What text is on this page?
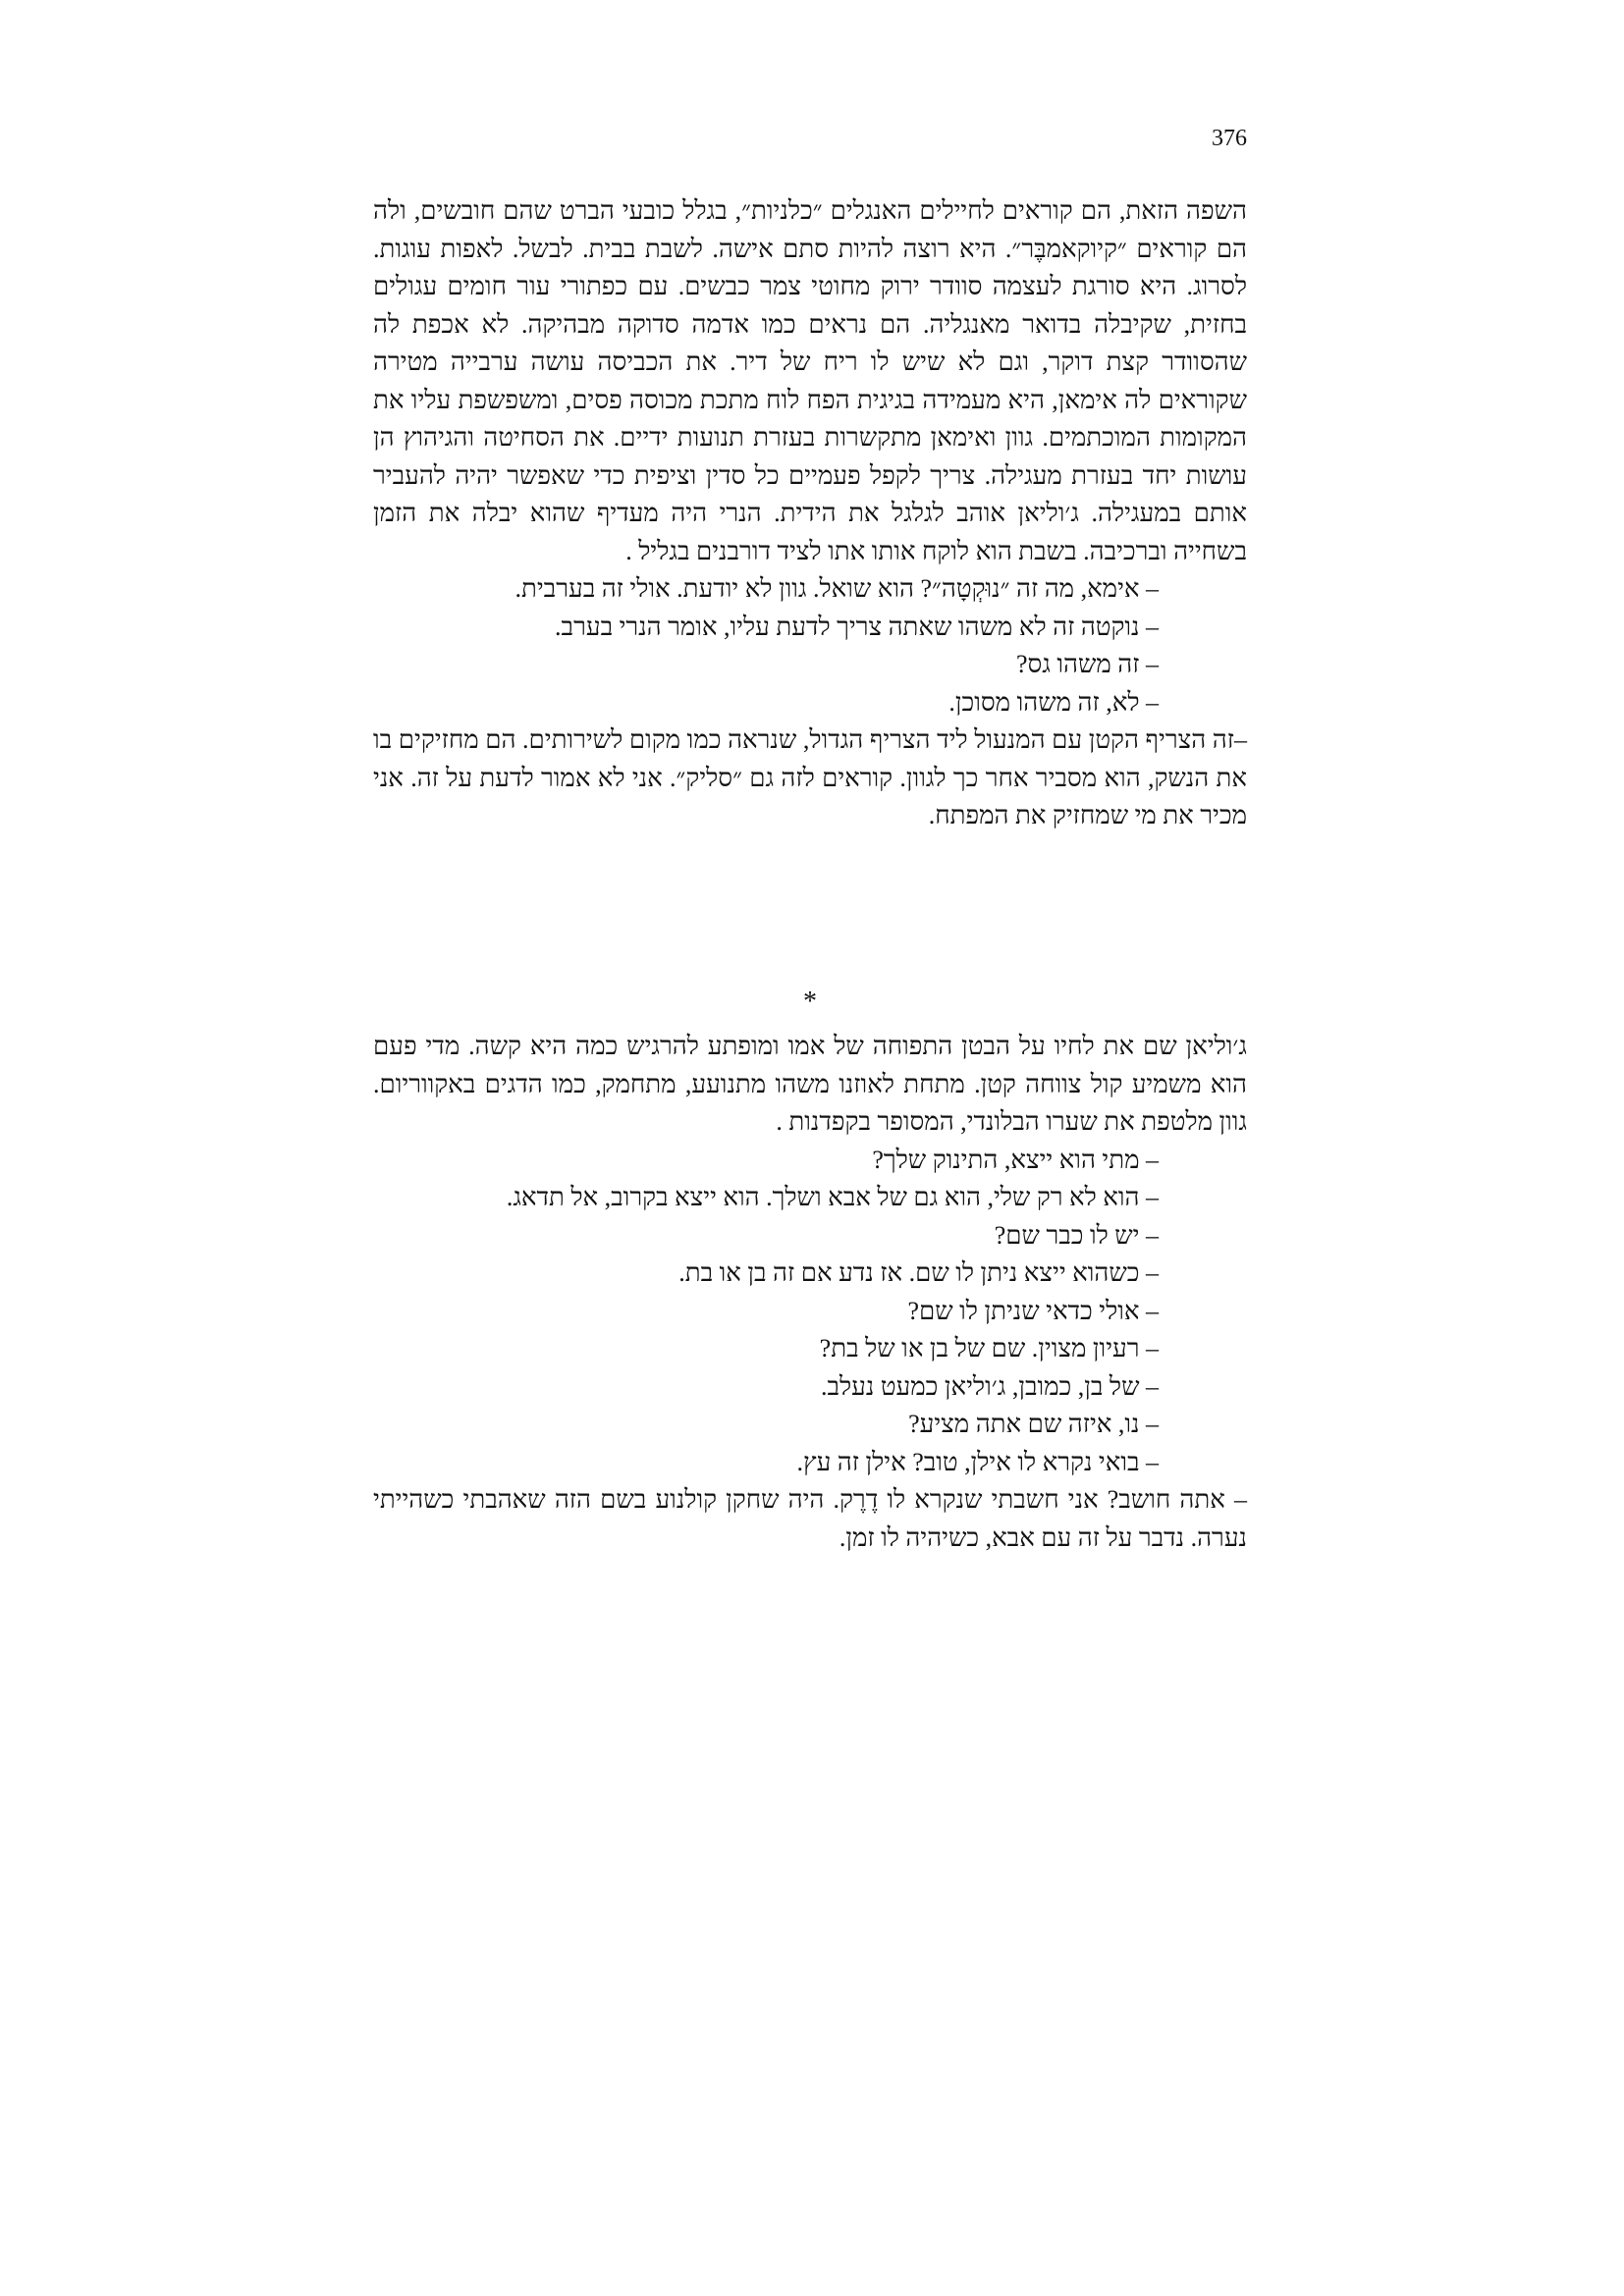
376

השפה הזאת, הם קוראים לחיילים האנגלים ״כלניות״, בגלל כובעי הברט שהם חובשים, ולה הם קוראים ״קיוקאמבֶּר״. היא רוצה להיות סתם אישה. לשבת בבית. לבשל. לאפות עוגות. לסרוג. היא סורגת לעצמה סוודר ירוק מחוטי צמר כבשים. עם כפתורי עור חומים עגולים בחזית, שקיבלה בדואר מאנגליה. הם נראים כמו אדמה סדוקה מבהיקה. לא אכפת לה שהסוודר קצת דוקר, וגם לא שיש לו ריח של דיר. את הכביסה עושה ערבייה מטירה שקוראים לה אימאן, היא מעמידה בגיגית הפח לוח מתכת מכוסה פסים, ומשפשפת עליו את המקומות המוכתמים. גוון ואימאן מתקשרות בעזרת תנועות ידיים. את הסחיטה והגיהוץ הן עושות יחד בעזרת מעגילה. צריך לקפל פעמיים כל סדין וציפית כדי שאפשר יהיה להעביר אותם במעגילה. ג׳וליאן אוהב לגלגל את הידית. הנרי היה מעדיף שהוא יבלה את הזמן בשחייה וברכיבה. בשבת הוא לוקח אותו אתו לציד דורבנים בגליל .

– אימא, מה זה ״נוּקְטָה״? הוא שואל. גוון לא יודעת. אולי זה בערבית.

– נוקטה זה לא משהו שאתה צריך לדעת עליו, אומר הנרי בערב.

– זה משהו גס?

– לא, זה משהו מסוכן.

–זה הצריף הקטן עם המנעול ליד הצריף הגדול, שנראה כמו מקום לשירותים. הם מחזיקים בו את הנשק, הוא מסביר אחר כך לגוון. קוראים לזה גם ״סליק״. אני לא אמור לדעת על זה. אני מכיר את מי שמחזיק את המפתח.

*

ג׳וליאן שם את לחיו על הבטן התפוחה של אמו ומופתע להרגיש כמה היא קשה. מדי פעם הוא משמיע קול צווחה קטן. מתחת לאוזנו משהו מתנועע, מתחמק, כמו הדגים באקווריום. גוון מלטפת את שערו הבלונדי, המסופר בקפדנות .

– מתי הוא ייצא, התינוק שלך?

– הוא לא רק שלי, הוא גם של אבא ושלך. הוא ייצא בקרוב, אל תדאג.

– יש לו כבר שם?

– כשהוא ייצא ניתן לו שם. אז נדע אם זה בן או בת.

– אולי כדאי שניתן לו שם?

– רעיון מצוין. שם של בן או של בת?

– של בן, כמובן, ג׳וליאן כמעט נעלב.

– נו, איזה שם אתה מציע?

– בואי נקרא לו אילן, טוב? אילן זה עץ.

– אתה חושב? אני חשבתי שנקרא לו דֶרֶק. היה שחקן קולנוע בשם הזה שאהבתי כשהייתי נערה. נדבר על זה עם אבא, כשיהיה לו זמן.
